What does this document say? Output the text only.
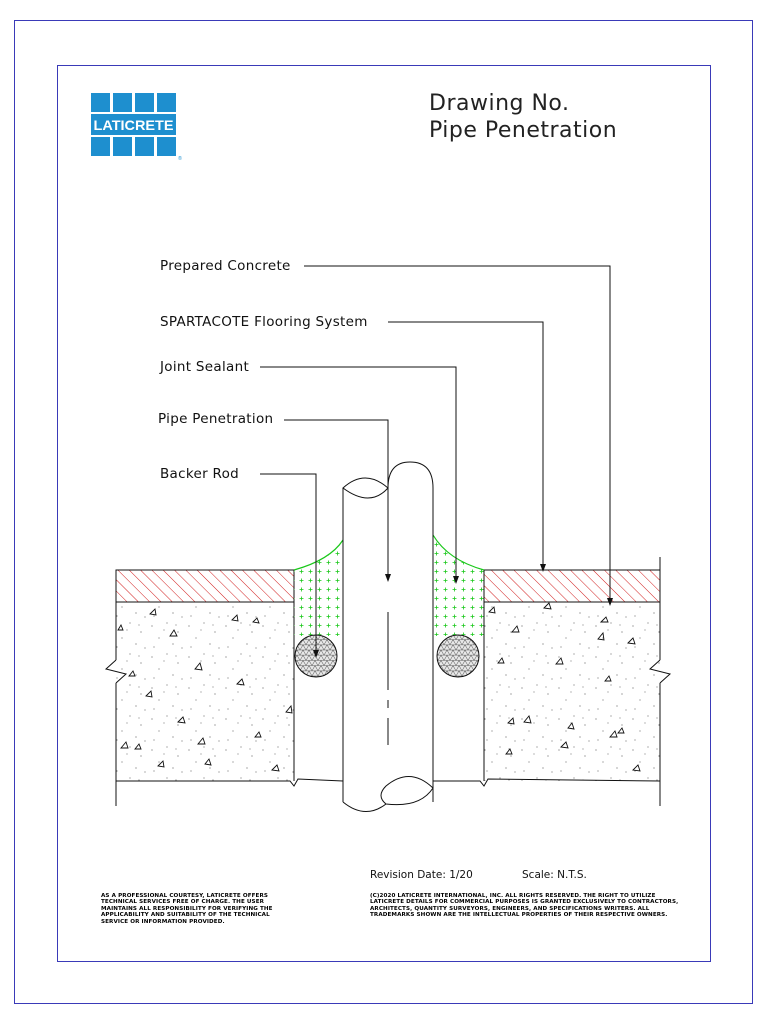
LATICRETE
®
Drawing No.
Pipe Penetration
Prepared Concrete
SPARTACOTE Flooring System
Joint Sealant
Pipe Penetration
Backer Rod
Revision Date: 1/20	Scale: N.T.S.
AS A PROFESSIONAL COURTESY, LATICRETE OFFERS
TECHNICAL SERVICES FREE OF CHARGE. THE USER
MAINTAINS ALL RESPONSIBILITY FOR VERIFYING THE
APPLICABILITY AND SUITABILITY OF THE TECHNICAL
SERVICE OR INFORMATION PROVIDED.
(C)2020 LATICRETE INTERNATIONAL, INC. ALL RIGHTS RESERVED. THE RIGHT TO UTILIZE
LATICRETE DETAILS FOR COMMERCIAL PURPOSES IS GRANTED EXCLUSIVELY TO CONTRACTORS,
ARCHITECTS, QUANTITY SURVEYORS, ENGINEERS, AND SPECIFICATIONS WRITERS. ALL
TRADEMARKS SHOWN ARE THE INTELLECTUAL PROPERTIES OF THEIR RESPECTIVE OWNERS.
